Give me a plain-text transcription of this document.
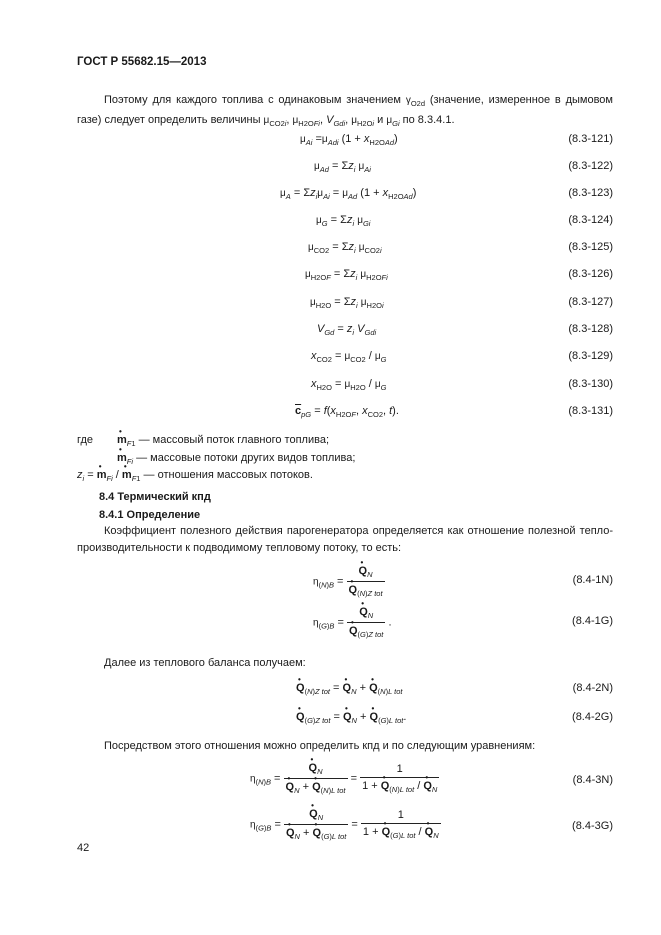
ГОСТ Р 55682.15—2013
Поэтому для каждого топлива с одинаковым значением $\gamma_{O2d}$ (значение, измеренное в дымовом газе) следует определить величины $\mu_{CO2i}$, $\mu_{H2OFi}$, $V_{Gdi}$, $\mu_{H2Oi}$ и $\mu_{Gi}$ по 8.3.4.1.
$\mu_{Ai} =\mu_{Adi}$ $(1 + x_{H2OAd})$	(8.3-121)
$\mu_{Ad} = \Sigma z_i$ $\mu_{Ai}$	(8.3-122)
$\mu_A = \Sigma z_i\mu_{Ai} = \mu_{Ad}$ $(1 + x_{H2OAd})$	(8.3-123)
$\mu_G = \Sigma z_i$ $\mu_{Gi}$	(8.3-124)
$\mu_{CO2} = \Sigma z_i$ $\mu_{CO2i}$	(8.3-125)
$\mu_{H2OF} = \Sigma z_i$ $\mu_{H2OFi}$	(8.3-126)
$\mu_{H2O} = \Sigma z_i$ $\mu_{H2Oi}$	(8.3-127)
$V_{Gd} = z_i$ $V_{Gdi}$	(8.3-128)
$x_{CO2} = \mu_{CO2} / \mu_G$	(8.3-129)
$x_{H2O} = \mu_{H2O} / \mu_G$	(8.3-130)
$\overline{c}_{pG} = f(x_{H2OF}$, $x_{CO2}$, t).	(8.3-131)
где • $m_{F1}$ — массовый поток главного топлива;
• $m_{Fi}$ — массовые потоки других видов топлива;
$z_i$ = • $m_{Fi}$ / • $m_{F1}$ — отношения массовых потоков.
8.4 Термический кпд
8.4.1 Определение
Коэффициент полезного действия парогенератора определяется как отношение полезной теплопроизводительности к подводимому тепловому потоку, то есть:
$\eta_{(N)B}$ = • $Q_N$
• $Q_{(N)Z tot}$	(8.4-1N)
$\eta_{(G)B}$ = • $Q_N$
• $Q_{(G)Z tot}$ .	(8.4-1G)
Далее из теплового баланса получаем:
• $Q_{(N)Z tot}$ = • $Q_N$ + • $Q_{(N)L tot}$	(8.4-2N)
• $Q_{(G)Z tot}$ = • $Q_N$ + • $Q_{(G)L tot}$.	(8.4-2G)
Посредством этого отношения можно определить кпд и по следующим уравнениям:
$\eta_{(N)B}$ = • $Q_N$
• $Q_N$ + • $Q_{(N)L tot} = \frac{1}{1 + • Q_{(N)L tot} / • Q_N}$	(8.4-3N)
$\eta_{(G)B}$ = • $Q_N$
• $Q_N$ + • $Q_{(G)L tot} = \frac{1}{1 + • Q_{(G)L tot} / • Q_N}$	(8.4-3G)
42
